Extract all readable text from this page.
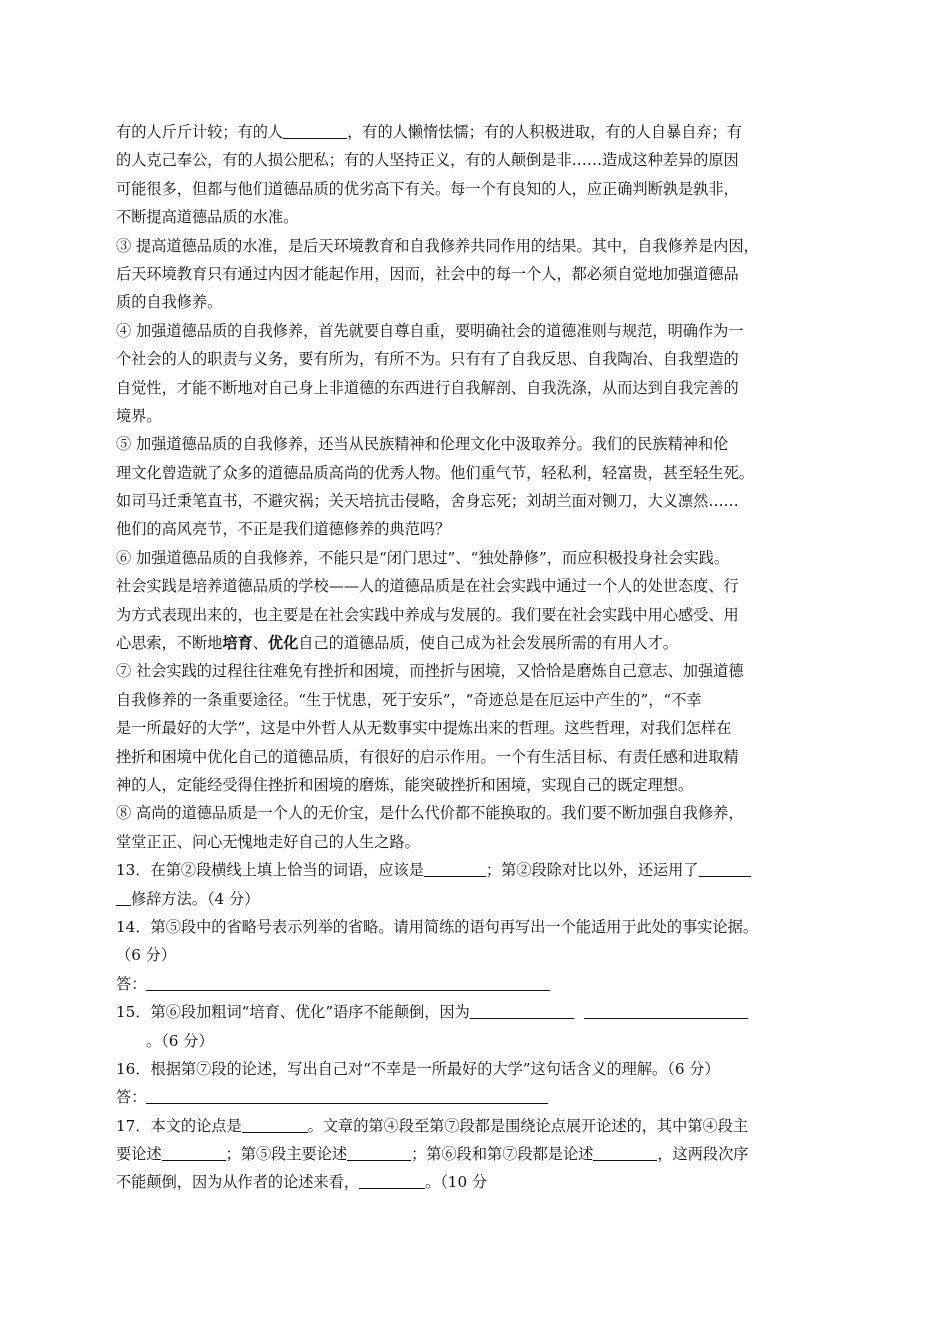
有的人斤斤计较；有的人	，有的人懒惰怯懦；有的人积极进取，有的人自暴自弃；有
的人克己奉公，有的人损公肥私；有的人坚持正义，有的人颠倒是非……造成这种差异的原因
可能很多，但都与他们道德品质的优劣高下有关。每一个有良知的人，应正确判断孰是孰非，
不断提高道德品质的水准。
③ 提高道德品质的水准，是后天环境教育和自我修养共同作用的结果。其中，自我修养是内因，
后天环境教育只有通过内因才能起作用，因而，社会中的每一个人，都必须自觉地加强道德品
质的自我修养。
④ 加强道德品质的自我修养，首先就要自尊自重，要明确社会的道德准则与规范，明确作为一
个社会的人的职责与义务，要有所为，有所不为。只有有了自我反思、自我陶冶、自我塑造的
自觉性，才能不断地对自己身上非道德的东西进行自我解剖、自我洗涤，从而达到自我完善的
境界。
⑤ 加强道德品质的自我修养，还当从民族精神和伦理文化中汲取养分。我们的民族精神和伦
理文化曾造就了众多的道德品质高尚的优秀人物。他们重气节，轻私利，轻富贵，甚至轻生死。
如司马迁秉笔直书，不避灾祸；关天培抗击侵略，舍身忘死；刘胡兰面对铡刀，大义凛然……
他们的高风亮节，不正是我们道德修养的典范吗？
⑥ 加强道德品质的自我修养，不能只是“闭门思过”、“独处静修”，而应积极投身社会实践。
社会实践是培养道德品质的学校——人的道德品质是在社会实践中通过一个人的处世态度、行
为方式表现出来的，也主要是在社会实践中养成与发展的。我们要在社会实践中用心感受、用
心思索，不断地培育、优化自己的道德品质，使自己成为社会发展所需的有用人才。
⑦ 社会实践的过程往往难免有挫折和困境，而挫折与困境，又恰恰是磨炼自己意志、加强道德
自我修养的一条重要途径。“生于忧患，死于安乐”，“奇迹总是在厄运中产生的”，“不幸
是一所最好的大学”，这是中外哲人从无数事实中提炼出来的哲理。这些哲理，对我们怎样在
挫折和困境中优化自己的道德品质，有很好的启示作用。一个有生活目标、有责任感和进取精
神的人，定能经受得住挫折和困境的磨炼，能突破挫折和困境，实现自己的既定理想。
⑧ 高尚的道德品质是一个人的无价宝，是什么代价都不能换取的。我们要不断加强自我修养，
堂堂正正、问心无愧地走好自己的人生之路。
13．在第②段横线上填上恰当的词语，应该是	；第②段除对比以外，还运用了
修辞方法。（4 分）
14．第⑤段中的省略号表示列举的省略。请用简练的语句再写出一个能适用于此处的事实论据。
（6 分）
答：
15．第⑥段加粗词“培育、优化”语序不能颠倒，因为
。（6 分）
16．根据第⑦段的论述，写出自己对“不幸是一所最好的大学”这句话含义的理解。（6 分）
答：
17．本文的论点是	。文章的第④段至第⑦段都是围绕论点展开论述的，其中第④段主
要论述	；第⑤段主要论述	；第⑥段和第⑦段都是论述	，这两段次序
不能颠倒，因为从作者的论述来看，	。（10 分
